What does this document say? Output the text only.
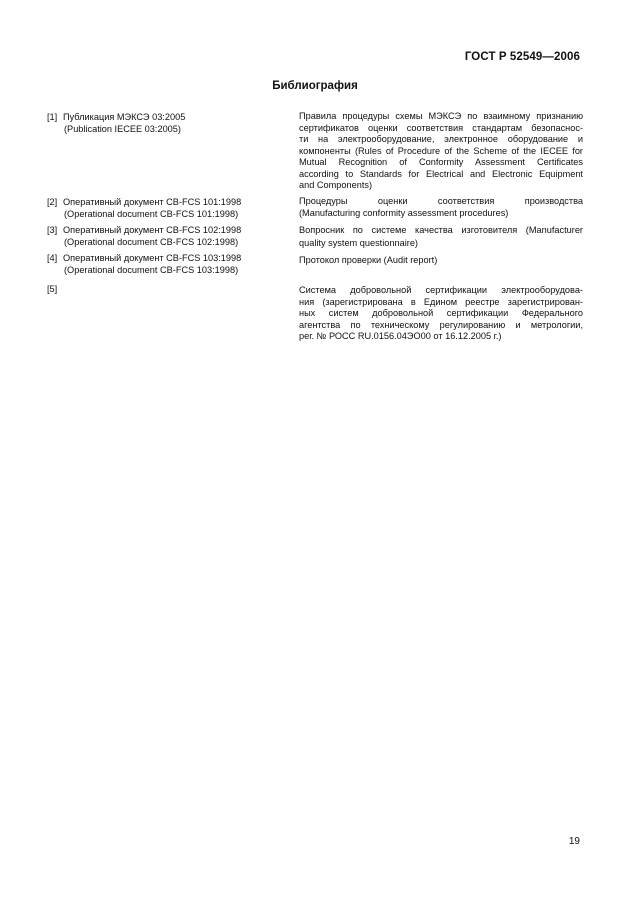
ГОСТ Р 52549—2006
Библиография
[1] Публикация МЭКСЭ 03:2005
(Publication IECEE 03:2005)
Правила процедуры схемы МЭКСЭ по взаимному признанию
сертификатов оценки соответствия стандартам безопаснос-
ти на электрооборудование, электронное оборудование и
компоненты (Rules of Procedure of the Scheme of the IECEE for
Mutual Recognition of Conformity Assessment Certificates
according to Standards for Electrical and Electronic Equipment
and Components)
[2] Оперативный документ CB-FCS 101:1998
(Operational document CB-FCS 101:1998)
Процедуры оценки соответствия производства
(Manufacturing conformity assessment procedures)
[3] Оперативный документ CB-FCS 102:1998
(Operational document CB-FCS 102:1998)
Вопросник по системе качества изготовителя (Manufacturer
quality system questionnaire)
[4] Оперативный документ CB-FCS 103:1998
(Operational document CB-FCS 103:1998)
Протокол проверки (Audit report)
[5]	Система добровольной сертификации электрооборудова-
ния (зарегистрирована в Едином реестре зарегистрирован-
ных систем добровольной сертификации Федерального
агентства по техническому регулированию и метрологии,
рег. № РОСС RU.0156.04ЭО00 от 16.12.2005 г.)
19
